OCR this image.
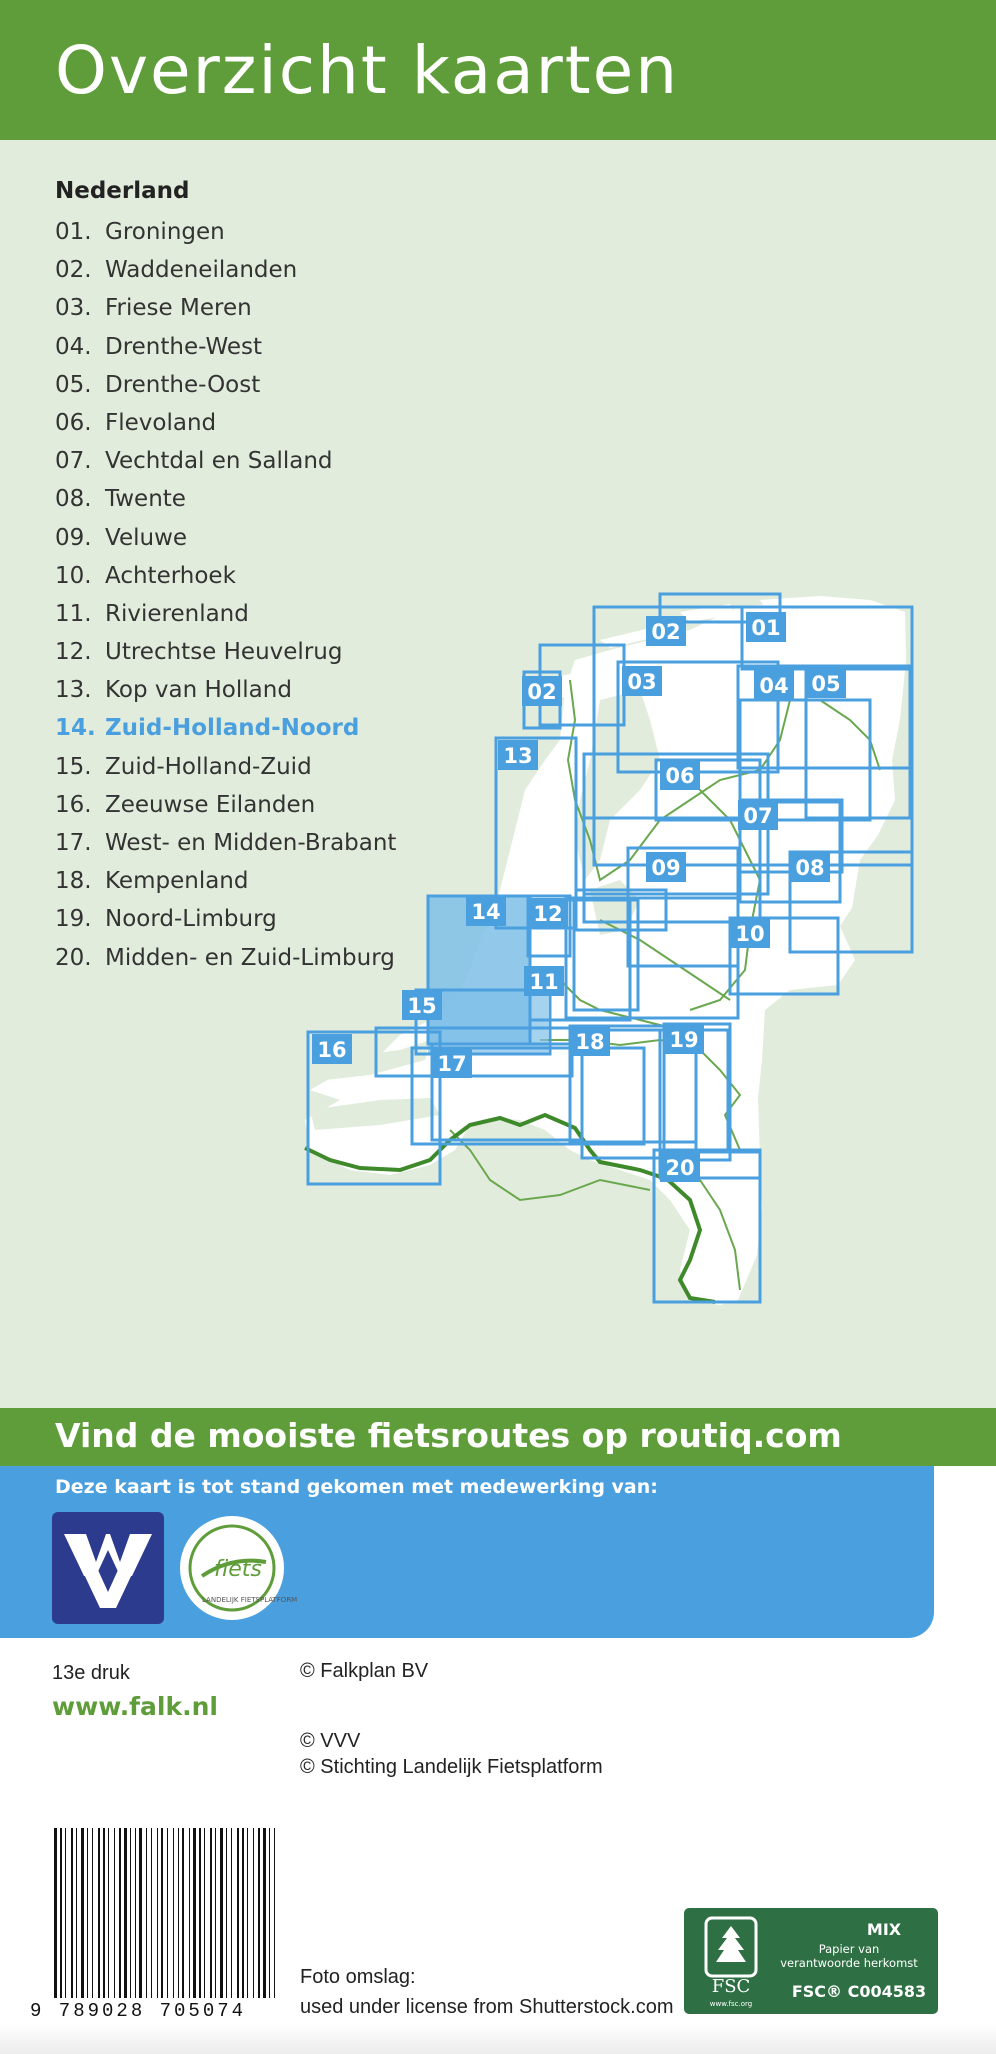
Overzicht kaarten
Nederland
01. Groningen
02. Waddeneilanden
03. Friese Meren
04. Drenthe-West
05. Drenthe-Oost
06. Flevoland
07. Vechtdal en Salland
08. Twente
09. Veluwe
10. Achterhoek
11. Rivierenland
12. Utrechtse Heuvelrug
13. Kop van Holland
14. Zuid-Holland-Noord
15. Zuid-Holland-Zuid
16. Zeeuwse Eilanden
17. West- en Midden-Brabant
18. Kempenland
19. Noord-Limburg
20. Midden- en Zuid-Limburg
01
02
02	03	04 05
06
07
08
09
10
11
12
13
14
15
16
17
18	19
20
Vind de mooiste fietsroutes op routiq.com
Deze kaart is tot stand gekomen met medewerking van:
fiets
LANDELIJK FIETSPLATFORM
13e druk
www.falk.nl
© Falkplan BV
© VVV
© Stichting Landelijk Fietsplatform
Foto omslag:
used under license from Shutterstock.com
9 789028 705074
FSC
www.fsc.org
MIX
Papier van
verantwoorde herkomst
FSC® C004583
